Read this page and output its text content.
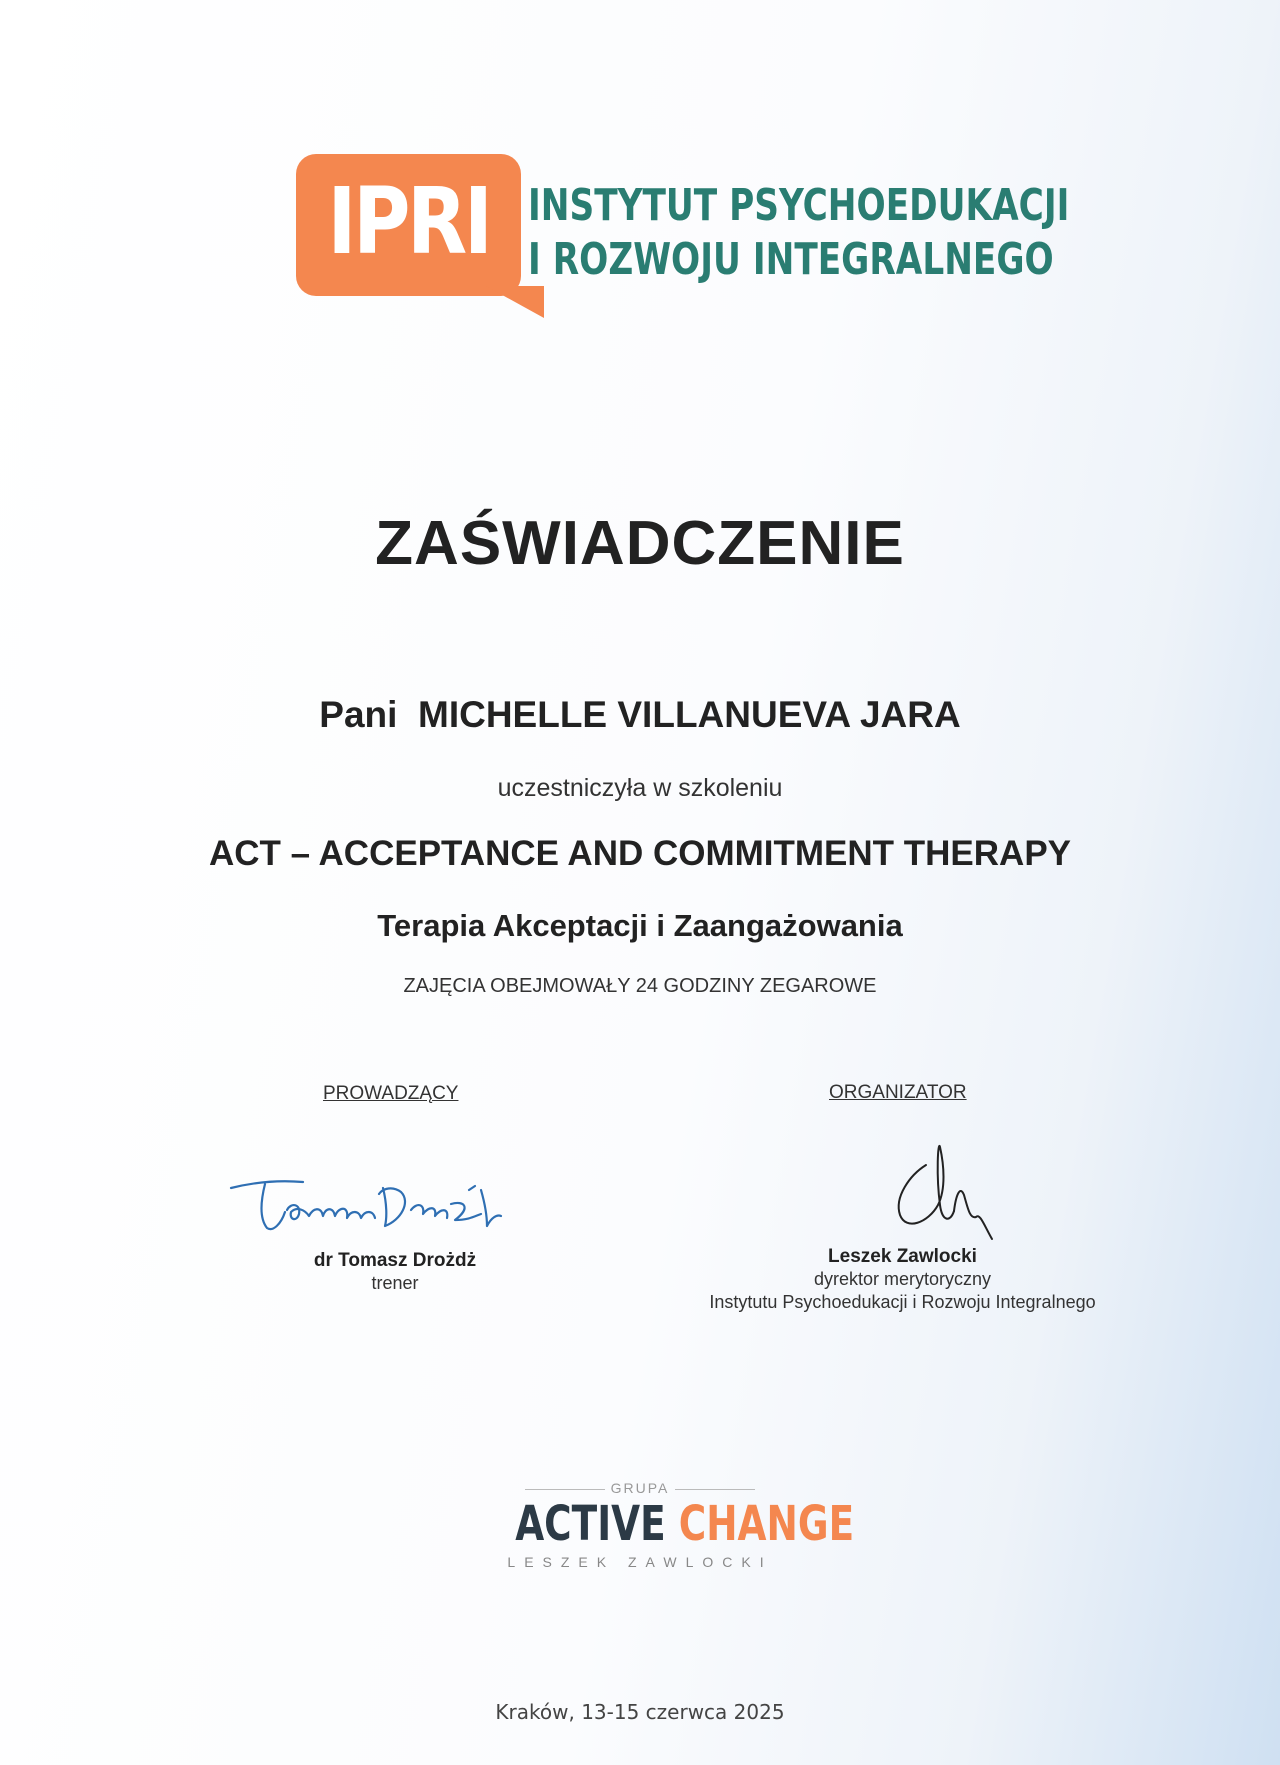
IPRI INSTYTUT PSYCHOEDUKACJI
I ROZWOJU INTEGRALNEGO
ZAŚWIADCZENIE
Pani MICHELLE VILLANUEVA JARA
uczestniczyła w szkoleniu
ACT – ACCEPTANCE AND COMMITMENT THERAPY
Terapia Akceptacji i Zaangażowania
ZAJĘCIA OBEJMOWAŁY 24 GODZINY ZEGAROWE
PROWADZĄCY	ORGANIZATOR
dr Tomasz Drożdż
trener
Leszek Zawlocki
dyrektor merytoryczny
Instytutu Psychoedukacji i Rozwoju Integralnego
GRUPA
ACTIVE CHANGE
LESZEK ZAWLOCKI
Kraków, 13-15 czerwca 2025
